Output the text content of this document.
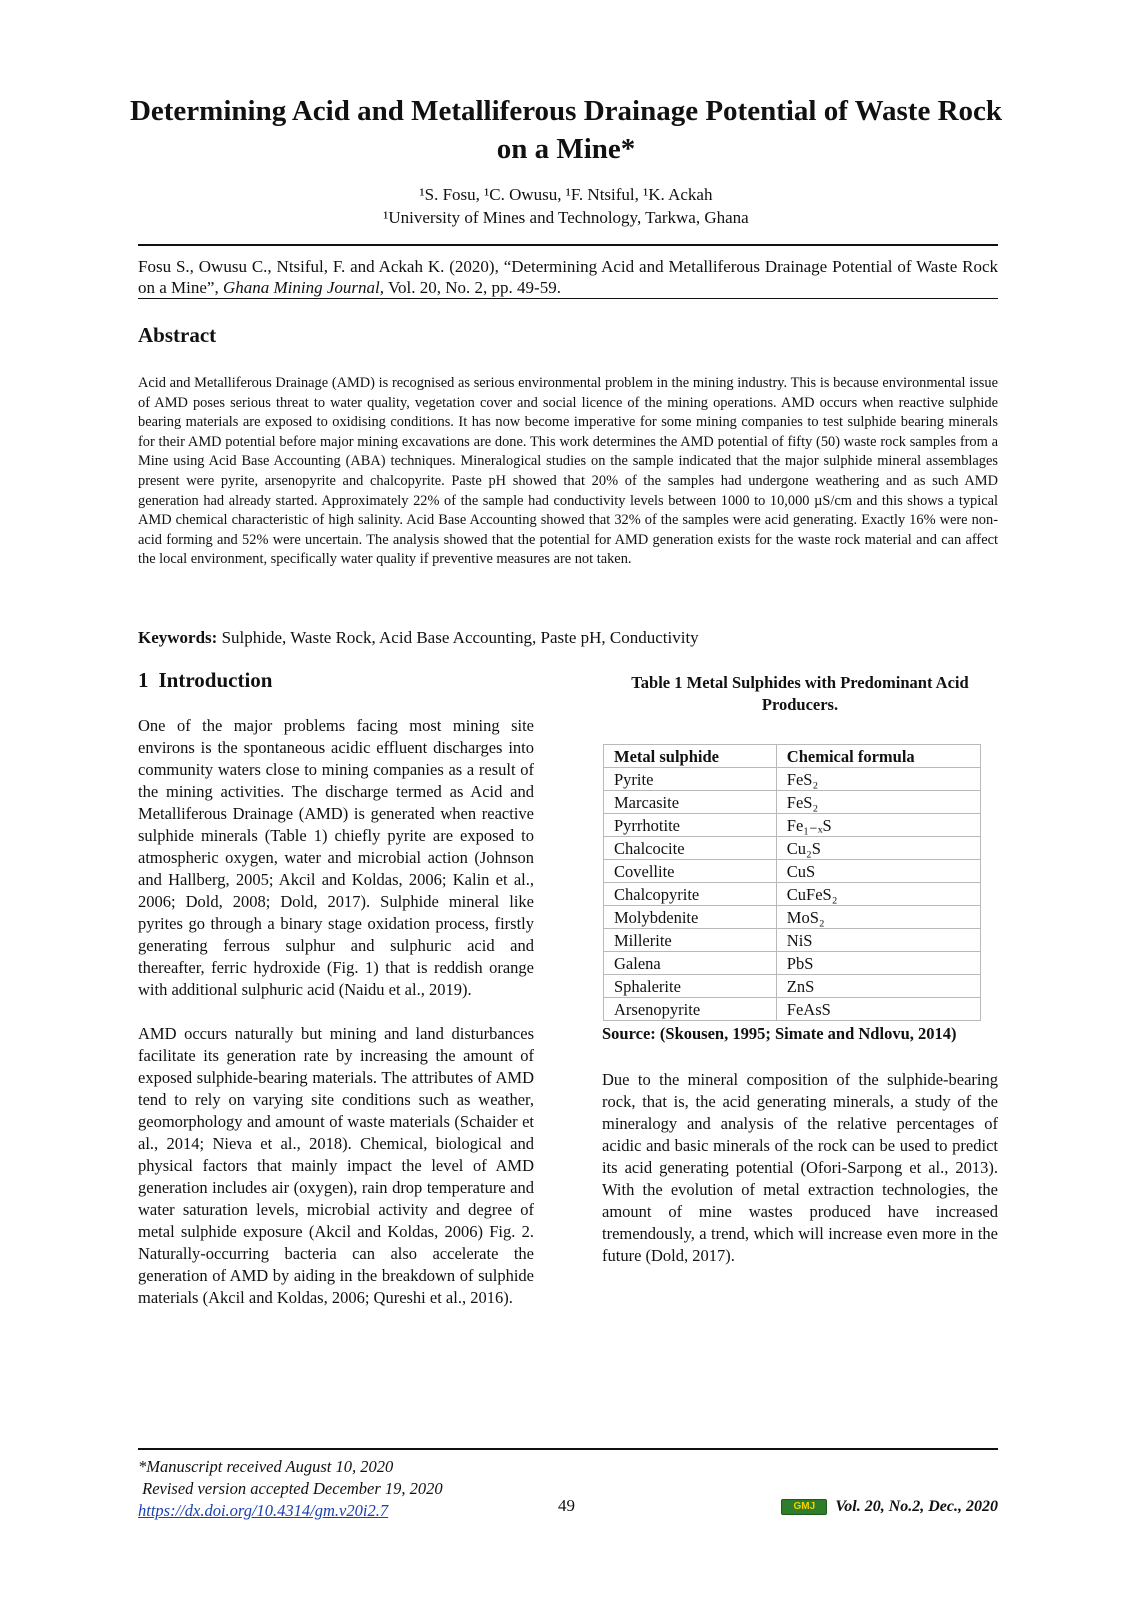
Determining Acid and Metalliferous Drainage Potential of Waste Rock on a Mine*
¹S. Fosu, ¹C. Owusu, ¹F. Ntsiful, ¹K. Ackah
¹University of Mines and Technology, Tarkwa, Ghana
Fosu S., Owusu C., Ntsiful, F. and Ackah K. (2020), “Determining Acid and Metalliferous Drainage Potential of Waste Rock on a Mine”, Ghana Mining Journal, Vol. 20, No. 2, pp. 49-59.
Abstract

Acid and Metalliferous Drainage (AMD) is recognised as serious environmental problem in the mining industry. This is because environmental issue of AMD poses serious threat to water quality, vegetation cover and social licence of the mining operations. AMD occurs when reactive sulphide bearing materials are exposed to oxidising conditions. It has now become imperative for some mining companies to test sulphide bearing minerals for their AMD potential before major mining excavations are done. This work determines the AMD potential of fifty (50) waste rock samples from a Mine using Acid Base Accounting (ABA) techniques. Mineralogical studies on the sample indicated that the major sulphide mineral assemblages present were pyrite, arsenopyrite and chalcopyrite. Paste pH showed that 20% of the samples had undergone weathering and as such AMD generation had already started. Approximately 22% of the sample had conductivity levels between 1000 to 10,000 µS/cm and this shows a typical AMD chemical characteristic of high salinity. Acid Base Accounting showed that 32% of the samples were acid generating. Exactly 16% were non-acid forming and 52% were uncertain. The analysis showed that the potential for AMD generation exists for the waste rock material and can affect the local environment, specifically water quality if preventive measures are not taken.

Keywords: Sulphide, Waste Rock, Acid Base Accounting, Paste pH, Conductivity
1 Introduction

One of the major problems facing most mining site environs is the spontaneous acidic effluent discharges into community waters close to mining companies as a result of the mining activities. The discharge termed as Acid and Metalliferous Drainage (AMD) is generated when reactive sulphide minerals (Table 1) chiefly pyrite are exposed to atmospheric oxygen, water and microbial action (Johnson and Hallberg, 2005; Akcil and Koldas, 2006; Kalin et al., 2006; Dold, 2008; Dold, 2017). Sulphide mineral like pyrites go through a binary stage oxidation process, firstly generating ferrous sulphur and sulphuric acid and thereafter, ferric hydroxide (Fig. 1) that is reddish orange with additional sulphuric acid (Naidu et al., 2019).

AMD occurs naturally but mining and land disturbances facilitate its generation rate by increasing the amount of exposed sulphide-bearing materials. The attributes of AMD tend to rely on varying site conditions such as weather, geomorphology and amount of waste materials (Schaider et al., 2014; Nieva et al., 2018). Chemical, biological and physical factors that mainly impact the level of AMD generation includes air (oxygen), rain drop temperature and water saturation levels, microbial activity and degree of metal sulphide exposure (Akcil and Koldas, 2006) Fig. 2. Naturally-occurring bacteria can also accelerate the generation of AMD by aiding in the breakdown of sulphide materials (Akcil and Koldas, 2006; Qureshi et al., 2016).

Table 1 Metal Sulphides with Predominant Acid Producers.
Metal sulphide	Chemical formula
Pyrite	FeS₂
Marcasite	FeS₂
Pyrrhotite	Fe₁₋ₓS
Chalcocite	Cu₂S
Covellite	CuS
Chalcopyrite	CuFeS₂
Molybdenite	MoS₂
Millerite	NiS
Galena	PbS
Sphalerite	ZnS
Arsenopyrite	FeAsS
Source: (Skousen, 1995; Simate and Ndlovu, 2014)

Due to the mineral composition of the sulphide-bearing rock, that is, the acid generating minerals, a study of the mineralogy and analysis of the relative percentages of acidic and basic minerals of the rock can be used to predict its acid generating potential (Ofori-Sarpong et al., 2013). With the evolution of metal extraction technologies, the amount of mine wastes produced have increased tremendously, a trend, which will increase even more in the future (Dold, 2017).

*Manuscript received August 10, 2020
Revised version accepted December 19, 2020
https://dx.doi.org/10.4314/gm.v20i2.7	49	GMJ	Vol. 20, No.2, Dec., 2020
